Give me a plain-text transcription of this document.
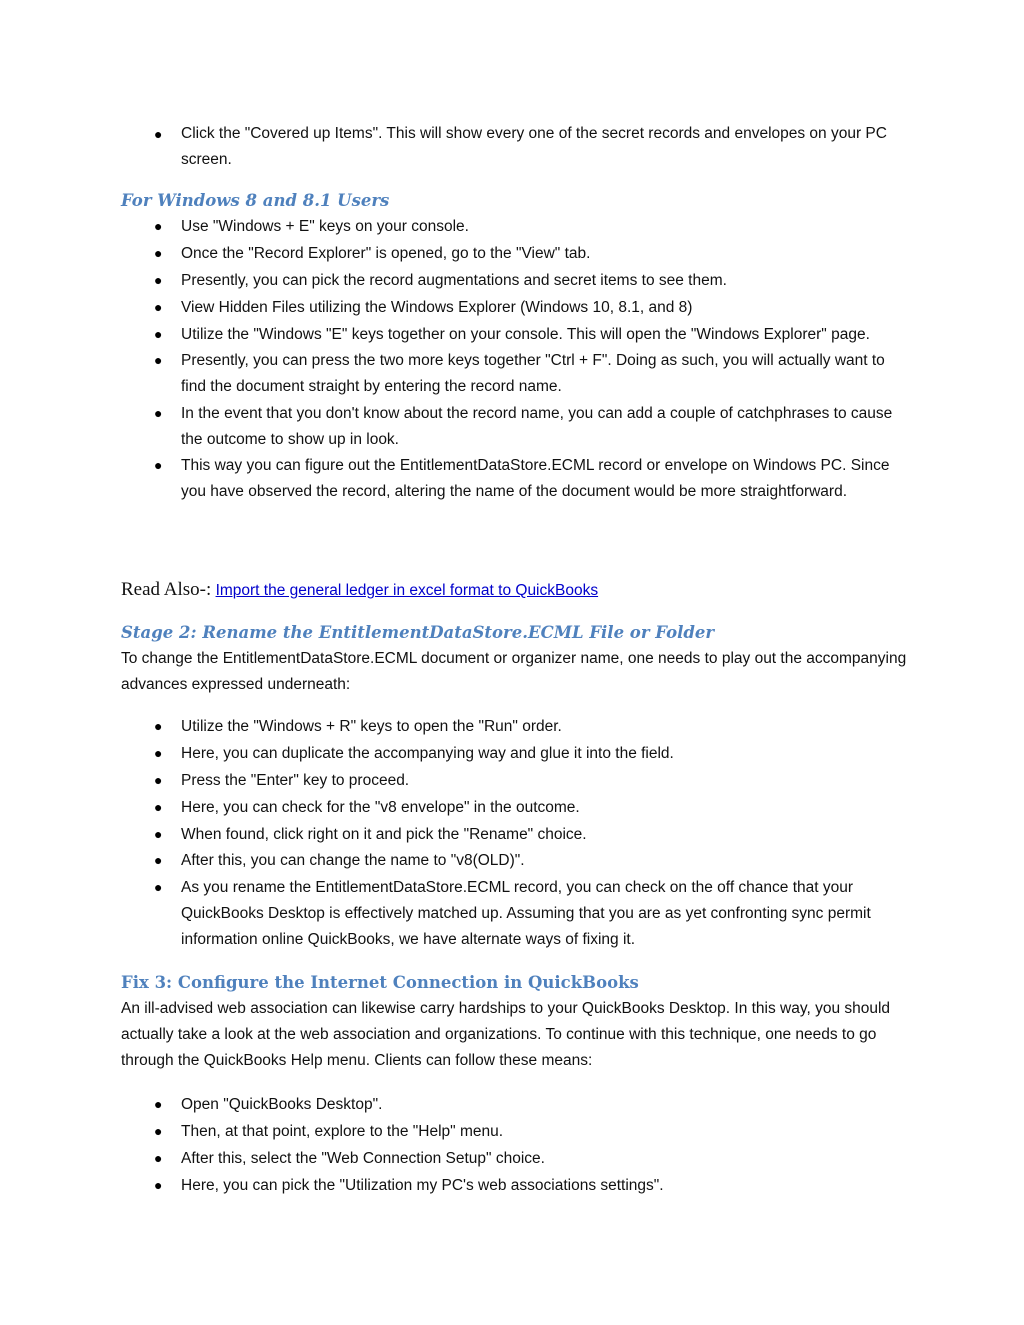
● Click the "Covered up Items". This will show every one of the secret records and envelopes on your PC screen.
For Windows 8 and 8.1 Users
● Use "Windows + E" keys on your console.
● Once the "Record Explorer" is opened, go to the "View" tab.
● Presently, you can pick the record augmentations and secret items to see them.
● View Hidden Files utilizing the Windows Explorer (Windows 10, 8.1, and 8)
● Utilize the "Windows "E" keys together on your console. This will open the "Windows Explorer" page.
● Presently, you can press the two more keys together "Ctrl + F". Doing as such, you will actually want to find the document straight by entering the record name.
● In the event that you don't know about the record name, you can add a couple of catchphrases to cause the outcome to show up in look.
● This way you can figure out the EntitlementDataStore.ECML record or envelope on Windows PC. Since you have observed the record, altering the name of the document would be more straightforward.
Read Also-: Import the general ledger in excel format to QuickBooks
Stage 2: Rename the EntitlementDataStore.ECML File or Folder

To change the EntitlementDataStore.ECML document or organizer name, one needs to play out the accompanying advances expressed underneath:

● Utilize the "Windows + R" keys to open the "Run" order.
● Here, you can duplicate the accompanying way and glue it into the field.
● Press the "Enter" key to proceed.
● Here, you can check for the "v8 envelope" in the outcome.
● When found, click right on it and pick the "Rename" choice.
● After this, you can change the name to "v8(OLD)".
● As you rename the EntitlementDataStore.ECML record, you can check on the off chance that your QuickBooks Desktop is effectively matched up. Assuming that you are as yet confronting sync permit information online QuickBooks, we have alternate ways of fixing it.
Fix 3: Configure the Internet Connection in QuickBooks

An ill-advised web association can likewise carry hardships to your QuickBooks Desktop. In this way, you should actually take a look at the web association and organizations. To continue with this technique, one needs to go through the QuickBooks Help menu. Clients can follow these means:

● Open "QuickBooks Desktop".
● Then, at that point, explore to the "Help" menu.
● After this, select the "Web Connection Setup" choice.
● Here, you can pick the "Utilization my PC's web associations settings".
